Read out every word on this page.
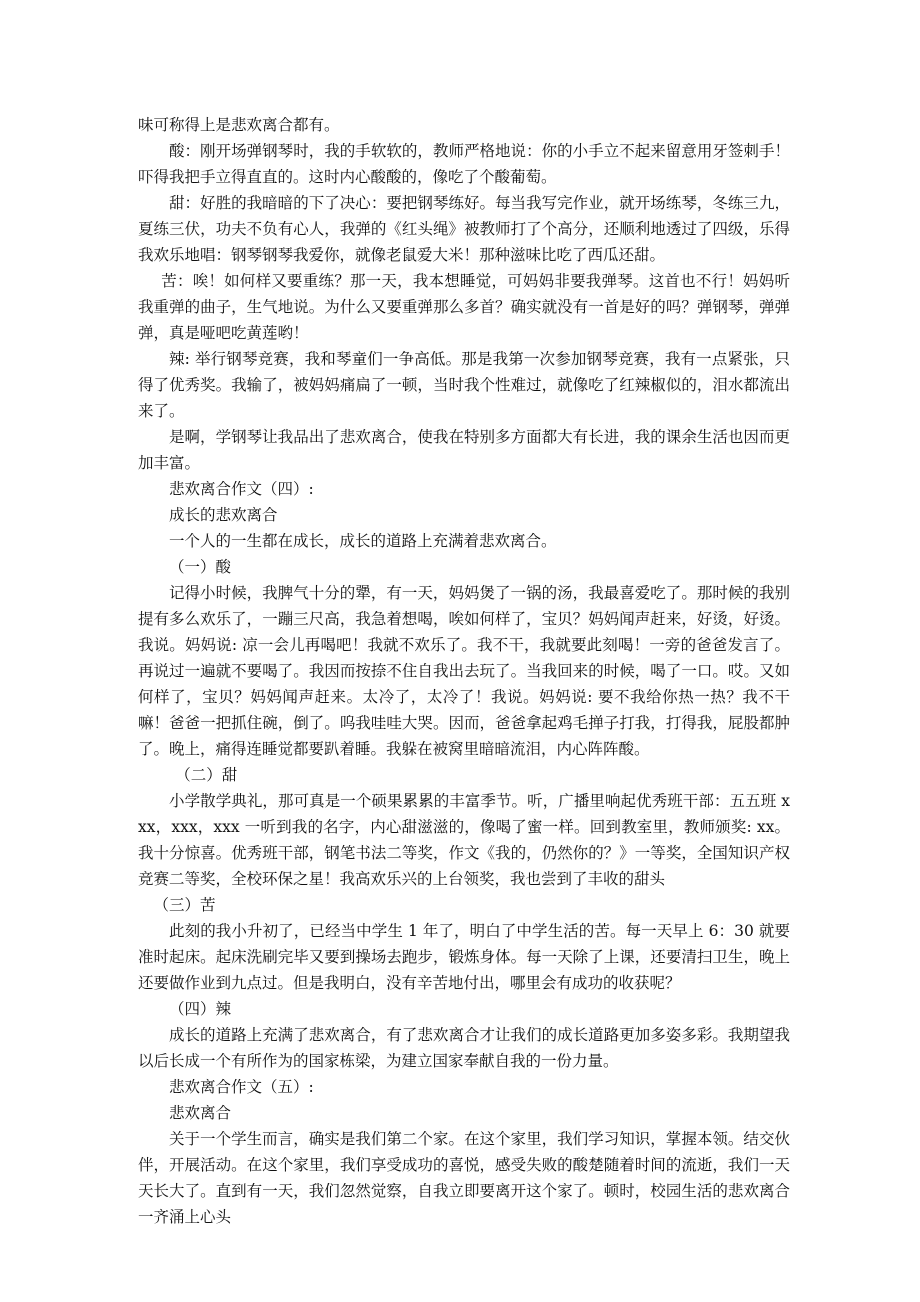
味可称得上是悲欢离合都有。

酸：刚开场弹钢琴时，我的手软软的，教师严格地说：你的小手立不起来留意用牙签刺手！吓得我把手立得直直的。这时内心酸酸的，像吃了个酸葡萄。

甜：好胜的我暗暗的下了决心：要把钢琴练好。每当我写完作业，就开场练琴，冬练三九，夏练三伏，功夫不负有心人，我弹的《红头绳》被教师打了个高分，还顺利地透过了四级，乐得我欢乐地唱：钢琴钢琴我爱你，就像老鼠爱大米！那种滋味比吃了西瓜还甜。

苦：唉！如何样又要重练？那一天，我本想睡觉，可妈妈非要我弹琴。这首也不行！妈妈听我重弹的曲子，生气地说。为什么又要重弹那么多首？确实就没有一首是好的吗？弹钢琴，弹弹弹，真是哑吧吃黄莲哟！

辣: 举行钢琴竞赛，我和琴童们一争高低。那是我第一次参加钢琴竞赛，我有一点紧张，只得了优秀奖。我输了，被妈妈痛扁了一顿，当时我个性难过，就像吃了红辣椒似的，泪水都流出来了。

是啊，学钢琴让我品出了悲欢离合，使我在特别多方面都大有长进，我的课余生活也因而更加丰富。

悲欢离合作文（四）:

成长的悲欢离合

一个人的一生都在成长，成长的道路上充满着悲欢离合。

（一）酸

记得小时候，我脾气十分的犟，有一天，妈妈煲了一锅的汤，我最喜爱吃了。那时候的我别提有多么欢乐了，一蹦三尺高，我急着想喝，唉如何样了，宝贝？妈妈闻声赶来，好烫，好烫。我说。妈妈说: 凉一会儿再喝吧！我就不欢乐了。我不干，我就要此刻喝！一旁的爸爸发言了。再说过一遍就不要喝了。我因而按捺不住自我出去玩了。当我回来的时候，喝了一口。哎。又如何样了，宝贝？妈妈闻声赶来。太冷了，太冷了！我说。妈妈说: 要不我给你热一热？我不干嘛！爸爸一把抓住碗，倒了。呜我哇哇大哭。因而，爸爸拿起鸡毛掸子打我，打得我，屁股都肿了。晚上，痛得连睡觉都要趴着睡。我躲在被窝里暗暗流泪，内心阵阵酸。

（二）甜

小学散学典礼，那可真是一个硕果累累的丰富季节。听，广播里响起优秀班干部：五五班 xxx，xxx，xxx 一听到我的名字，内心甜滋滋的，像喝了蜜一样。回到教室里，教师颁奖: xx。我十分惊喜。优秀班干部，钢笔书法二等奖，作文《我的，仍然你的？》一等奖，全国知识产权竞赛二等奖，全校环保之星！我高欢乐兴的上台领奖，我也尝到了丰收的甜头

（三）苦

此刻的我小升初了，已经当中学生 1 年了，明白了中学生活的苦。每一天早上 6：30 就要准时起床。起床洗刷完毕又要到操场去跑步，锻炼身体。每一天除了上课，还要清扫卫生，晚上还要做作业到九点过。但是我明白，没有辛苦地付出，哪里会有成功的收获呢？

（四）辣

成长的道路上充满了悲欢离合，有了悲欢离合才让我们的成长道路更加多姿多彩。我期望我以后长成一个有所作为的国家栋梁，为建立国家奉献自我的一份力量。

悲欢离合作文（五）:

悲欢离合

关于一个学生而言，确实是我们第二个家。在这个家里，我们学习知识，掌握本领。结交伙伴，开展活动。在这个家里，我们享受成功的喜悦，感受失败的酸楚随着时间的流逝，我们一天天长大了。直到有一天，我们忽然觉察，自我立即要离开这个家了。顿时，校园生活的悲欢离合一齐涌上心头
